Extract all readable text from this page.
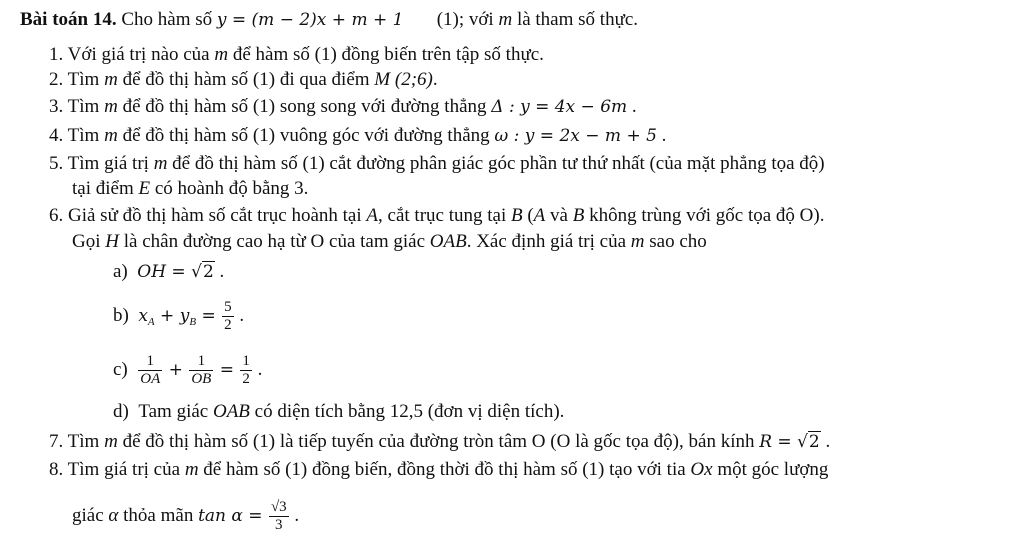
Bài toán 14. Cho hàm số y = (m − 2)x + m + 1 (1); với m là tham số thực.
1. Với giá trị nào của m để hàm số (1) đồng biến trên tập số thực.
2. Tìm m để đồ thị hàm số (1) đi qua điểm M (2;6).
3. Tìm m để đồ thị hàm số (1) song song với đường thẳng Δ : y = 4x − 6m .
4. Tìm m để đồ thị hàm số (1) vuông góc với đường thẳng ω : y = 2x − m + 5 .
5. Tìm giá trị m để đồ thị hàm số (1) cắt đường phân giác góc phần tư thứ nhất (của mặt phẳng tọa độ)
tại điểm E có hoành độ bằng 3.
6. Giả sử đồ thị hàm số cắt trục hoành tại A, cắt trục tung tại B (A và B không trùng với gốc tọa độ O).
Gọi H là chân đường cao hạ từ O của tam giác OAB. Xác định giá trị của m sao cho
a) OH = √2 .
b) $x_A + y_B = \frac{5}{2}$ .
$c) \frac{1}{OA} + \frac{1}{OB} = \frac{1}{2}$ .
d) Tam giác OAB có diện tích bằng 12,5 (đơn vị diện tích).
7. Tìm m để đồ thị hàm số (1) là tiếp tuyến của đường tròn tâm O (O là gốc tọa độ), bán kính R = √2 .
8. Tìm giá trị của m để hàm số (1) đồng biến, đồng thời đồ thị hàm số (1) tạo với tia Ox một góc lượng
giác α thỏa mãn $\tan \alpha = \frac{√3}{3}$ .
